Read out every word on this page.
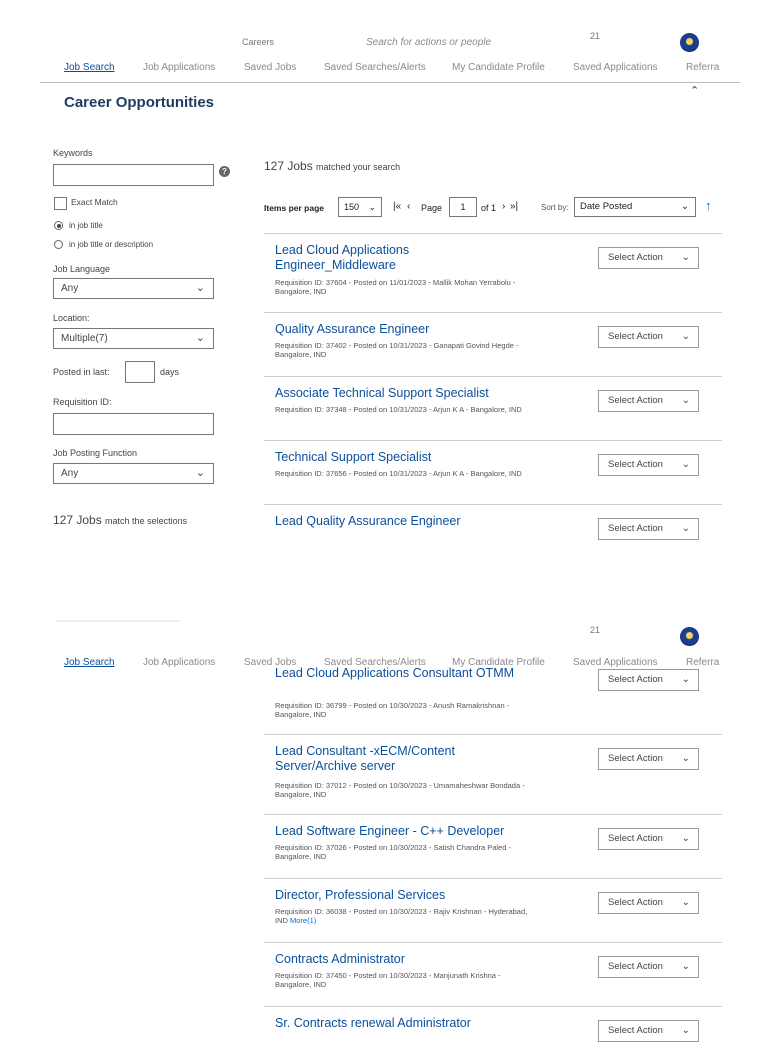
Careers	Search for actions or people
21
Job Search	Job Applications	Saved Jobs	Saved Searches/Alerts	My Candidate Profile	Saved Applications	Referra
⌃
Career Opportunities
Keywords
?
Exact Match
in job title
in job title or description
Job Language
Any	⌄
Location:
Multiple(7)	⌄
Posted in last:	days
Requisition ID:
Job Posting Function
Any	⌄
127 Jobs match the selections
127 Jobs matched your search
Items per page	150 ⌄ |« ‹ Page	1	of 1 › »|	Sort by:	Date Posted	⌄ ↑
Lead Cloud Applications Engineer_Middleware
Requisition ID: 37604 - Posted on 11/01/2023 - Mallik Mohan Yerrabolu - Bangalore, IND
Select Action ⌄
Quality Assurance Engineer
Requisition ID: 37402 - Posted on 10/31/2023 - Ganapati Govind Hegde - Bangalore, IND
Select Action ⌄
Associate Technical Support Specialist
Requisition ID: 37348 - Posted on 10/31/2023 - Arjun K A - Bangalore, IND
Select Action ⌄
Technical Support Specialist
Requisition ID: 37656 - Posted on 10/31/2023 - Arjun K A - Bangalore, IND
Select Action ⌄
Lead Quality Assurance Engineer
Select Action ⌄
21
Lead Cloud Applications Consultant OTMM
Requisition ID: 36799 - Posted on 10/30/2023 - Anush Ramakrishnan - Bangalore, IND
Select Action ⌄
Lead Consultant -xECM/Content Server/Archive server
Requisition ID: 37012 - Posted on 10/30/2023 - Umamaheshwar Bondada - Bangalore, IND
Select Action ⌄
Lead Software Engineer - C++ Developer
Requisition ID: 37026 - Posted on 10/30/2023 - Satish Chandra Paled - Bangalore, IND
Select Action ⌄
Director, Professional Services
Requisition ID: 36038 - Posted on 10/30/2023 - Rajiv Krishnan - Hyderabad, IND More(1)
Select Action ⌄
Contracts Administrator
Requisition ID: 37450 - Posted on 10/30/2023 - Manjunath Krishna - Bangalore, IND
Select Action ⌄
Sr. Contracts renewal Administrator
Select Action ⌄
Job Search	Job Applications	Saved Jobs	Saved Searches/Alerts	My Candidate Profile	Saved Applications	Referra
